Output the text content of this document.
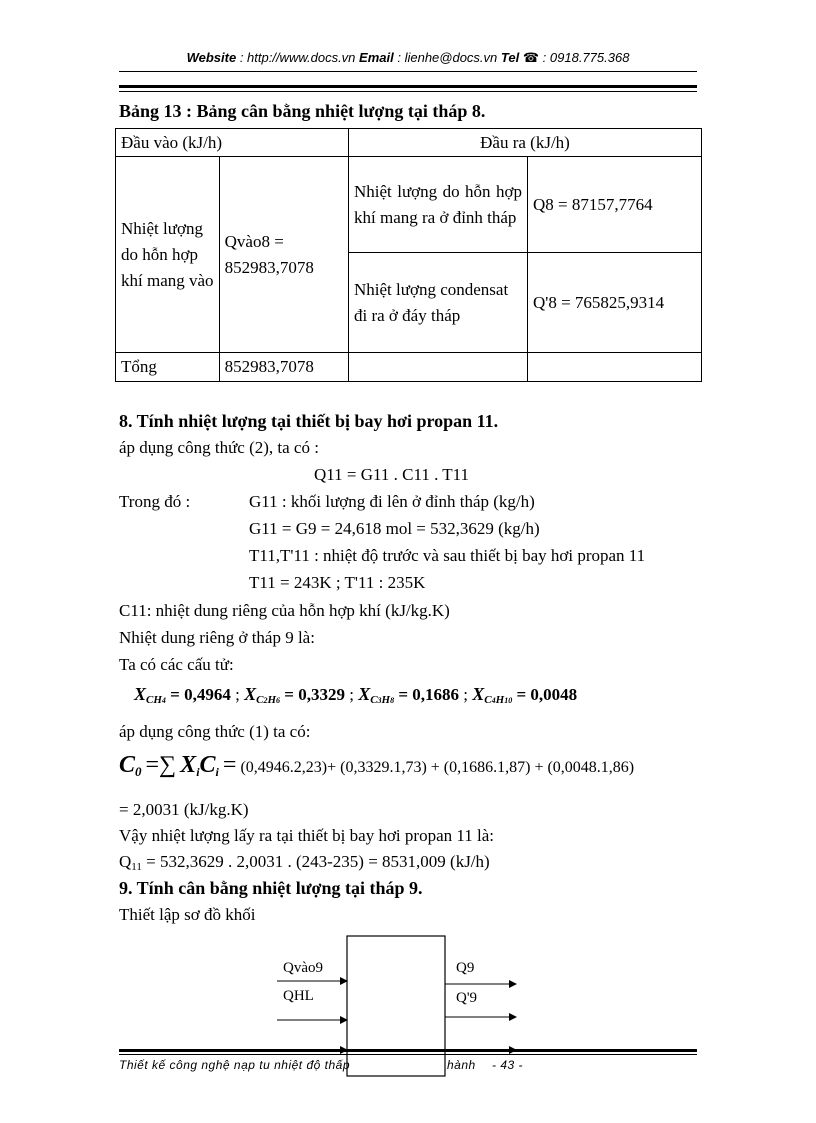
Website : http://www.docs.vn Email : lienhe@docs.vn Tel ☎ : 0918.775.368
Bảng 13 : Bảng cân bằng nhiệt lượng tại tháp 8.
Đầu vào (kJ/h)		Đầu ra (kJ/h)	
Nhiệt lượng do hỗn hợp khí mang vào	Qvào8 = 852983,7078	Nhiệt lượng do hỗn hợp khí mang ra ở đỉnh tháp	Q8 = 87157,7764
		Nhiệt lượng condensat đi ra ở đáy tháp	Q'8 = 765825,9314
Tổng	852983,7078		
8. Tính nhiệt lượng tại thiết bị bay hơi propan 11.
áp dụng công thức (2), ta có :
Q11 = G11 . C11 . T11
Trong đó :	G11 : khối lượng đi lên ở đỉnh tháp (kg/h)
G11 = G9 = 24,618 mol = 532,3629 (kg/h)
T11,T'11 : nhiệt độ trước và sau thiết bị bay hơi propan 11
T11 = 243K ; T'11 : 235K
C11: nhiệt dung riêng của hỗn hợp khí (kJ/kg.K)
Nhiệt dung riêng ở tháp 9 là:
Ta có các cấu tử:
$X_{CH4} = 0,4964$ ; $X_{C2H6} = 0,3329$ ; $X_{C3H8} = 0,1686$ ; $X_{C4H10} = 0,0048$
áp dụng công thức (1) ta có:
C0 =∑ XiCi = (0,4946.2,23)+ (0,3329.1,73) + (0,1686.1,87) + (0,0048.1,86)
= 2,0031 (kJ/kg.K)
Vậy nhiệt lượng lấy ra tại thiết bị bay hơi propan 11 là:
$Q_{11} = 532,3629$ . 2,0031 . (243-235) = 8531,009 (kJ/h)
9. Tính cân bằng nhiệt lượng tại tháp 9.
Thiết lập sơ đồ khối
Qvào9
QHL
Q9
Q'9
Thiết kế công nghệ nạp tu nhiệt độ thấp	hành - 43 -
